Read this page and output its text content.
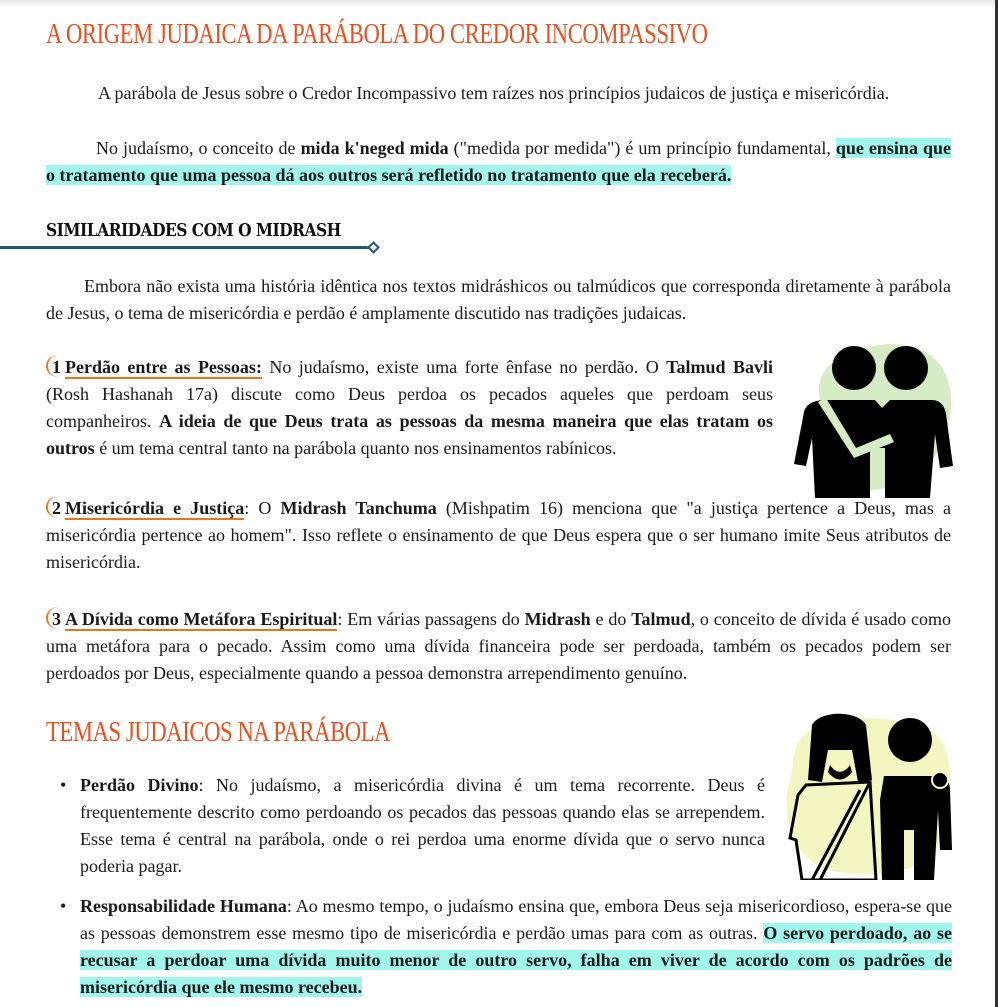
A ORIGEM JUDAICA DA PARÁBOLA DO CREDOR INCOMPASSIVO

A parábola de Jesus sobre o Credor Incompassivo tem raízes nos princípios judaicos de justiça e misericórdia.

No judaísmo, o conceito de mida k'neged mida ("medida por medida") é um princípio fundamental, que ensina que o tratamento que uma pessoa dá aos outros será refletido no tratamento que ela receberá.

SIMILARIDADES COM O MIDRASH

Embora não exista uma história idêntica nos textos midráshicos ou talmúdicos que corresponda diretamente à parábola de Jesus, o tema de misericórdia e perdão é amplamente discutido nas tradições judaicas.

1 Perdão entre as Pessoas: No judaísmo, existe uma forte ênfase no perdão. O Talmud Bavli (Rosh Hashanah 17a) discute como Deus perdoa os pecados aqueles que perdoam seus companheiros. A ideia de que Deus trata as pessoas da mesma maneira que elas tratam os outros é um tema central tanto na parábola quanto nos ensinamentos rabínicos.

2 Misericórdia e Justiça: O Midrash Tanchuma (Mishpatim 16) menciona que "a justiça pertence a Deus, mas a misericórdia pertence ao homem". Isso reflete o ensinamento de que Deus espera que o ser humano imite Seus atributos de misericórdia.

3 A Dívida como Metáfora Espiritual: Em várias passagens do Midrash e do Talmud, o conceito de dívida é usado como uma metáfora para o pecado. Assim como uma dívida financeira pode ser perdoada, também os pecados podem ser perdoados por Deus, especialmente quando a pessoa demonstra arrependimento genuíno.

TEMAS JUDAICOS NA PARÁBOLA
• Perdão Divino: No judaísmo, a misericórdia divina é um tema recorrente. Deus é frequentemente descrito como perdoando os pecados das pessoas quando elas se arrependem. Esse tema é central na parábola, onde o rei perdoa uma enorme dívida que o servo nunca poderia pagar.
• Responsabilidade Humana: Ao mesmo tempo, o judaísmo ensina que, embora Deus seja misericordioso, espera-se que as pessoas demonstrem esse mesmo tipo de misericórdia e perdão umas para com as outras. O servo perdoado, ao se recusar a perdoar uma dívida muito menor de outro servo, falha em viver de acordo com os padrões de misericórdia que ele mesmo recebeu.
